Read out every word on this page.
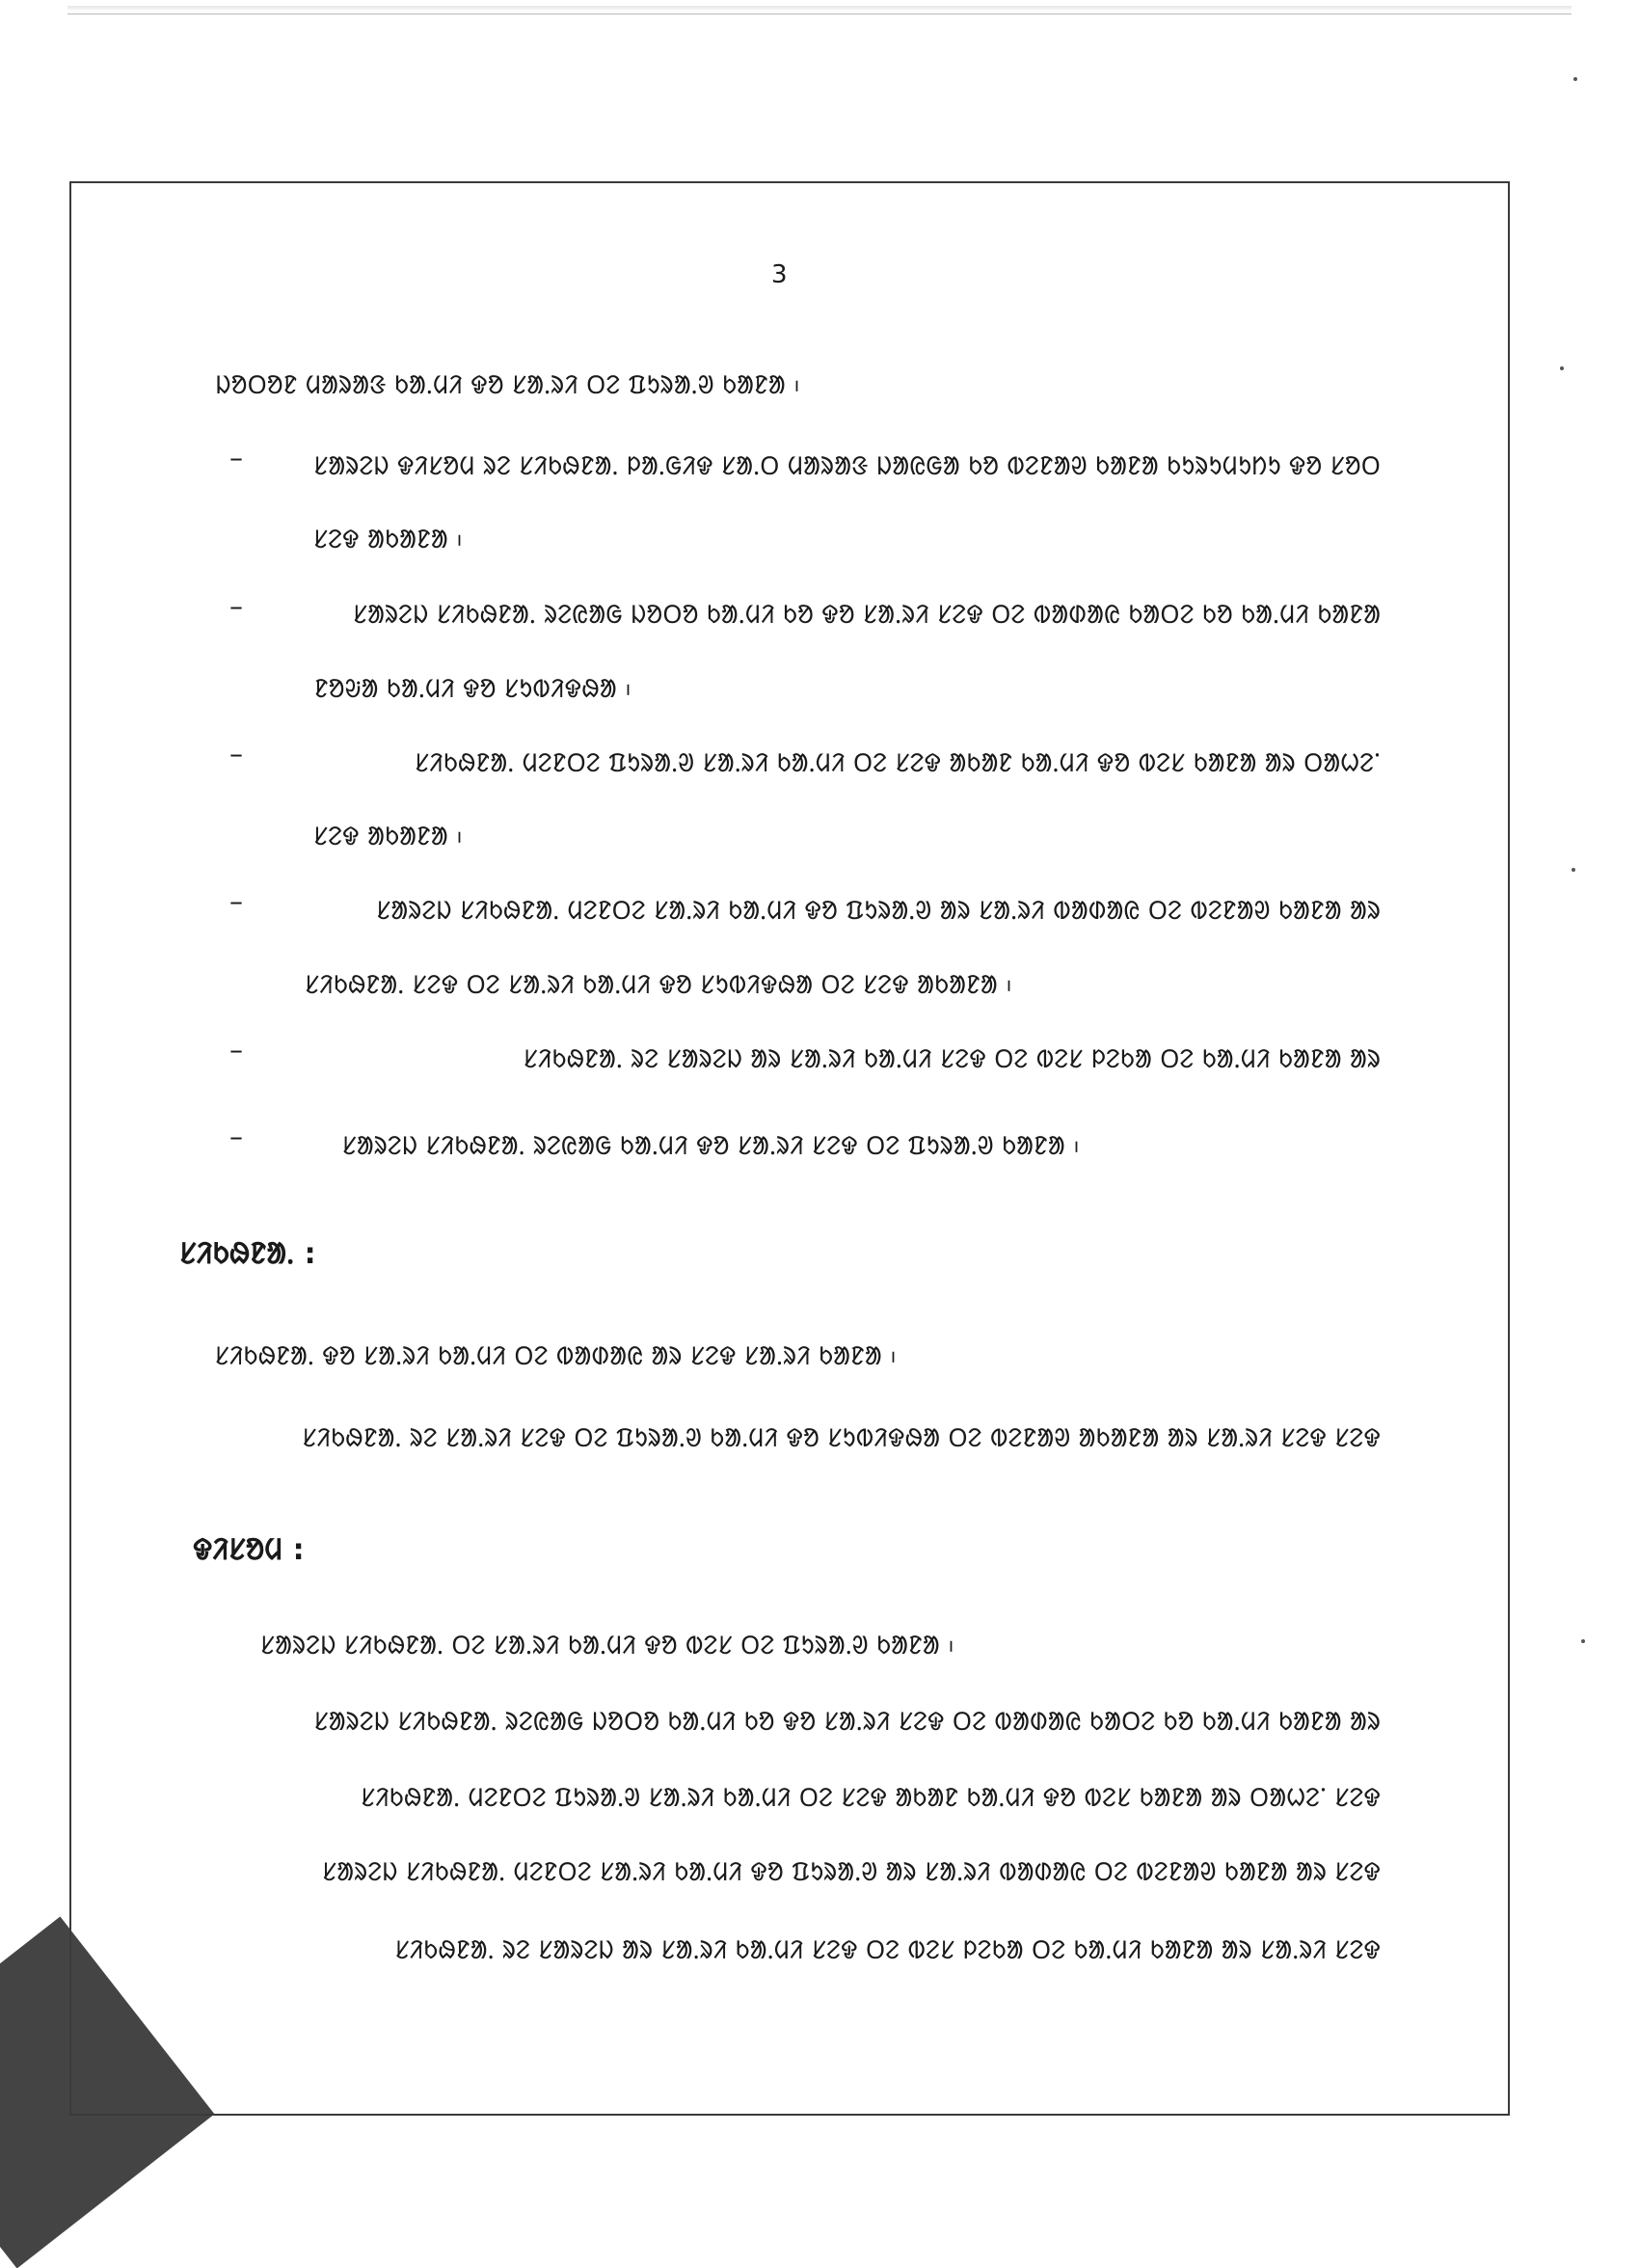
3
ᱡᱚᱛᱚᱱ ᱢᱟᱨᱟᱝ ᱠᱟᱹᱢᱤ ᱫᱚ ᱥᱟᱹᱨᱤ ᱛᱮ ᱯᱩᱨᱟᱹᱣ ᱠᱟᱱᱟ ᱾
–	ᱥᱟᱨᱮᱡ ᱫᱤᱥᱚᱢ ᱨᱮ ᱥᱤᱠᱷᱱᱟᱹ ᱞᱟᱹᱜᱤᱫ ᱥᱟᱹᱛ ᱢᱟᱨᱟᱝ ᱡᱟᱭᱜᱟ ᱠᱚ ᱵᱮᱱᱟᱣ ᱠᱟᱱᱟ ᱠᱩᱨᱩᱢᱩᱴᱩ ᱫᱚ ᱥᱚᱛ
ᱥᱮᱫ ᱟᱠᱟᱱᱟ ᱾
–	ᱥᱟᱨᱮᱡ ᱥᱤᱠᱷᱱᱟᱹ ᱨᱮᱭᱟᱜ ᱡᱚᱛᱚ ᱠᱟᱹᱢᱤ ᱠᱚ ᱫᱚ ᱥᱟᱹᱨᱤ ᱥᱮᱫ ᱛᱮ ᱵᱟᱰᱟᱭ ᱠᱟᱛᱮ ᱠᱚ ᱠᱟᱹᱢᱤ ᱠᱟᱱᱟ
ᱱᱚᱶᱟ ᱠᱟᱹᱢᱤ ᱫᱚ ᱥᱩᱵᱤᱫᱷᱟ ᱾
–	ᱥᱤᱠᱷᱱᱟᱹ ᱢᱮᱱᱛᱮ ᱯᱩᱨᱟᱹᱣ ᱥᱟᱹᱨᱤ ᱠᱟᱹᱢᱤ ᱛᱮ ᱥᱮᱫ ᱟᱠᱟᱱ ᱠᱟᱹᱢᱤ ᱫᱚ ᱵᱮᱥ ᱠᱟᱱᱟ ᱟᱨ ᱛᱟᱦᱮᱸ
ᱥᱮᱫ ᱟᱠᱟᱱᱟ ᱾
–	ᱥᱟᱨᱮᱡ ᱥᱤᱠᱷᱱᱟᱹ ᱢᱮᱱᱛᱮ ᱥᱟᱹᱨᱤ ᱠᱟᱹᱢᱤ ᱫᱚ ᱯᱩᱨᱟᱹᱣ ᱟᱨ ᱥᱟᱹᱨᱤ ᱵᱟᱰᱟᱭ ᱛᱮ ᱵᱮᱱᱟᱣ ᱠᱟᱱᱟ ᱟᱨ
ᱥᱤᱠᱷᱱᱟᱹ ᱥᱮᱫ ᱛᱮ ᱥᱟᱹᱨᱤ ᱠᱟᱹᱢᱤ ᱫᱚ ᱥᱩᱵᱤᱫᱷᱟ ᱛᱮ ᱥᱮᱫ ᱟᱠᱟᱱᱟ ᱾
–	ᱥᱤᱠᱷᱱᱟᱹ ᱨᱮ ᱥᱟᱨᱮᱡ ᱟᱨ ᱥᱟᱹᱨᱤ ᱠᱟᱹᱢᱤ ᱥᱮᱫ ᱛᱮ ᱵᱮᱥ ᱞᱮᱠᱟ ᱛᱮ ᱠᱟᱹᱢᱤ ᱠᱟᱱᱟ ᱟᱨ
–	ᱥᱟᱨᱮᱡ ᱥᱤᱠᱷᱱᱟᱹ ᱨᱮᱭᱟᱜ ᱠᱟᱹᱢᱤ ᱫᱚ ᱥᱟᱹᱨᱤ ᱥᱮᱫ ᱛᱮ ᱯᱩᱨᱟᱹᱣ ᱠᱟᱱᱟ ᱾
ᱥᱤᱠᱷᱱᱟᱹ :
ᱥᱤᱠᱷᱱᱟᱹ ᱫᱚ ᱥᱟᱹᱨᱤ ᱠᱟᱹᱢᱤ ᱛᱮ ᱵᱟᱰᱟᱭ ᱟᱨ ᱥᱮᱫ ᱥᱟᱹᱨᱤ ᱠᱟᱱᱟ ᱾
ᱥᱤᱠᱷᱱᱟᱹ ᱨᱮ ᱥᱟᱹᱨᱤ ᱥᱮᱫ ᱛᱮ ᱯᱩᱨᱟᱹᱣ ᱠᱟᱹᱢᱤ ᱫᱚ ᱥᱩᱵᱤᱫᱷᱟ ᱛᱮ ᱵᱮᱱᱟᱣ ᱟᱠᱟᱱᱟ ᱟᱨ ᱥᱟᱹᱨᱤ ᱥᱮᱫ ᱥᱮᱫ
ᱫᱤᱥᱚᱢ :
ᱥᱟᱨᱮᱡ ᱥᱤᱠᱷᱱᱟᱹ ᱛᱮ ᱥᱟᱹᱨᱤ ᱠᱟᱹᱢᱤ ᱫᱚ ᱵᱮᱥ ᱛᱮ ᱯᱩᱨᱟᱹᱣ ᱠᱟᱱᱟ ᱾
ᱥᱟᱨᱮᱡ ᱥᱤᱠᱷᱱᱟᱹ ᱨᱮᱭᱟᱜ ᱡᱚᱛᱚ ᱠᱟᱹᱢᱤ ᱠᱚ ᱫᱚ ᱥᱟᱹᱨᱤ ᱥᱮᱫ ᱛᱮ ᱵᱟᱰᱟᱭ ᱠᱟᱛᱮ ᱠᱚ ᱠᱟᱹᱢᱤ ᱠᱟᱱᱟ ᱟᱨ
ᱥᱤᱠᱷᱱᱟᱹ ᱢᱮᱱᱛᱮ ᱯᱩᱨᱟᱹᱣ ᱥᱟᱹᱨᱤ ᱠᱟᱹᱢᱤ ᱛᱮ ᱥᱮᱫ ᱟᱠᱟᱱ ᱠᱟᱹᱢᱤ ᱫᱚ ᱵᱮᱥ ᱠᱟᱱᱟ ᱟᱨ ᱛᱟᱦᱮᱸ ᱥᱮᱫ
ᱥᱟᱨᱮᱡ ᱥᱤᱠᱷᱱᱟᱹ ᱢᱮᱱᱛᱮ ᱥᱟᱹᱨᱤ ᱠᱟᱹᱢᱤ ᱫᱚ ᱯᱩᱨᱟᱹᱣ ᱟᱨ ᱥᱟᱹᱨᱤ ᱵᱟᱰᱟᱭ ᱛᱮ ᱵᱮᱱᱟᱣ ᱠᱟᱱᱟ ᱟᱨ ᱥᱮᱫ
ᱥᱤᱠᱷᱱᱟᱹ ᱨᱮ ᱥᱟᱨᱮᱡ ᱟᱨ ᱥᱟᱹᱨᱤ ᱠᱟᱹᱢᱤ ᱥᱮᱫ ᱛᱮ ᱵᱮᱥ ᱞᱮᱠᱟ ᱛᱮ ᱠᱟᱹᱢᱤ ᱠᱟᱱᱟ ᱟᱨ ᱥᱟᱹᱨᱤ ᱥᱮᱫ
